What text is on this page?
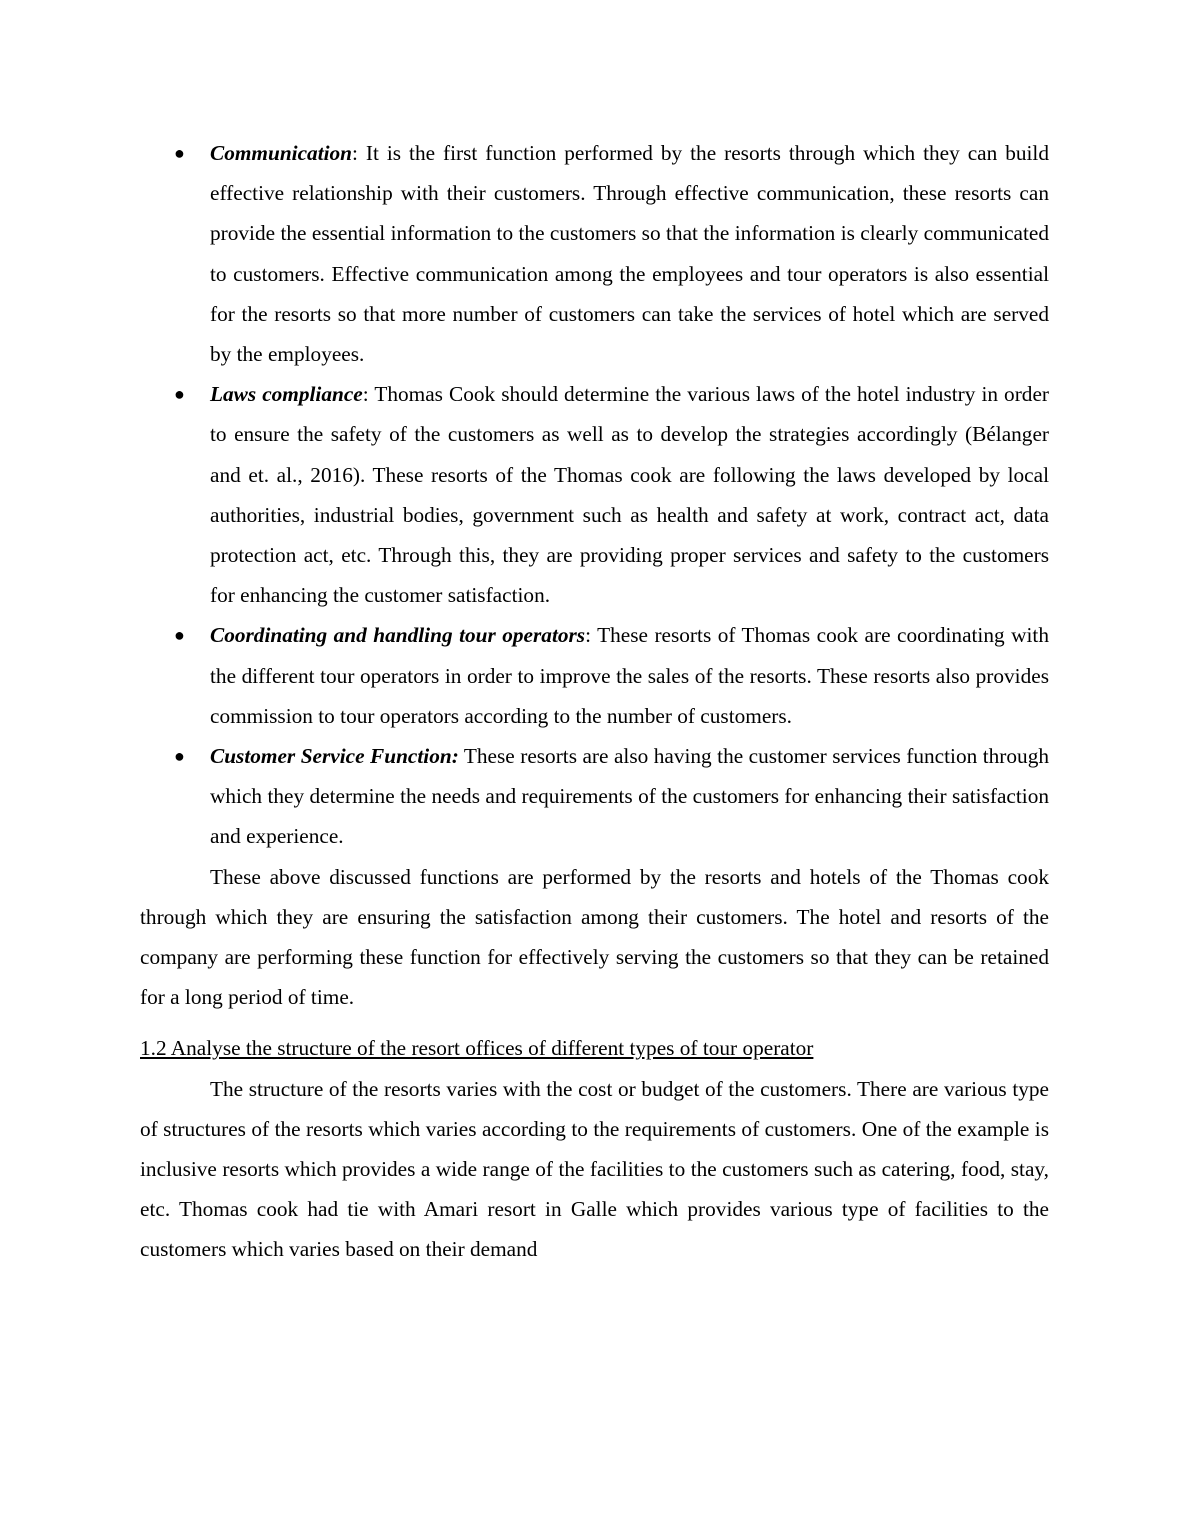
● Communication: It is the first function performed by the resorts through which they can build effective relationship with their customers. Through effective communication, these resorts can provide the essential information to the customers so that the information is clearly communicated to customers. Effective communication among the employees and tour operators is also essential for the resorts so that more number of customers can take the services of hotel which are served by the employees.
● Laws compliance: Thomas Cook should determine the various laws of the hotel industry in order to ensure the safety of the customers as well as to develop the strategies accordingly (Bélanger and et. al., 2016). These resorts of the Thomas cook are following the laws developed by local authorities, industrial bodies, government such as health and safety at work, contract act, data protection act, etc. Through this, they are providing proper services and safety to the customers for enhancing the customer satisfaction.
● Coordinating and handling tour operators: These resorts of Thomas cook are coordinating with the different tour operators in order to improve the sales of the resorts. These resorts also provides commission to tour operators according to the number of customers.
● Customer Service Function: These resorts are also having the customer services function through which they determine the needs and requirements of the customers for enhancing their satisfaction and experience.

These above discussed functions are performed by the resorts and hotels of the Thomas cook through which they are ensuring the satisfaction among their customers. The hotel and resorts of the company are performing these function for effectively serving the customers so that they can be retained for a long period of time.

1.2 Analyse the structure of the resort offices of different types of tour operator

The structure of the resorts varies with the cost or budget of the customers. There are various type of structures of the resorts which varies according to the requirements of customers. One of the example is inclusive resorts which provides a wide range of the facilities to the customers such as catering, food, stay, etc. Thomas cook had tie with Amari resort in Galle which provides various type of facilities to the customers which varies based on their demand
